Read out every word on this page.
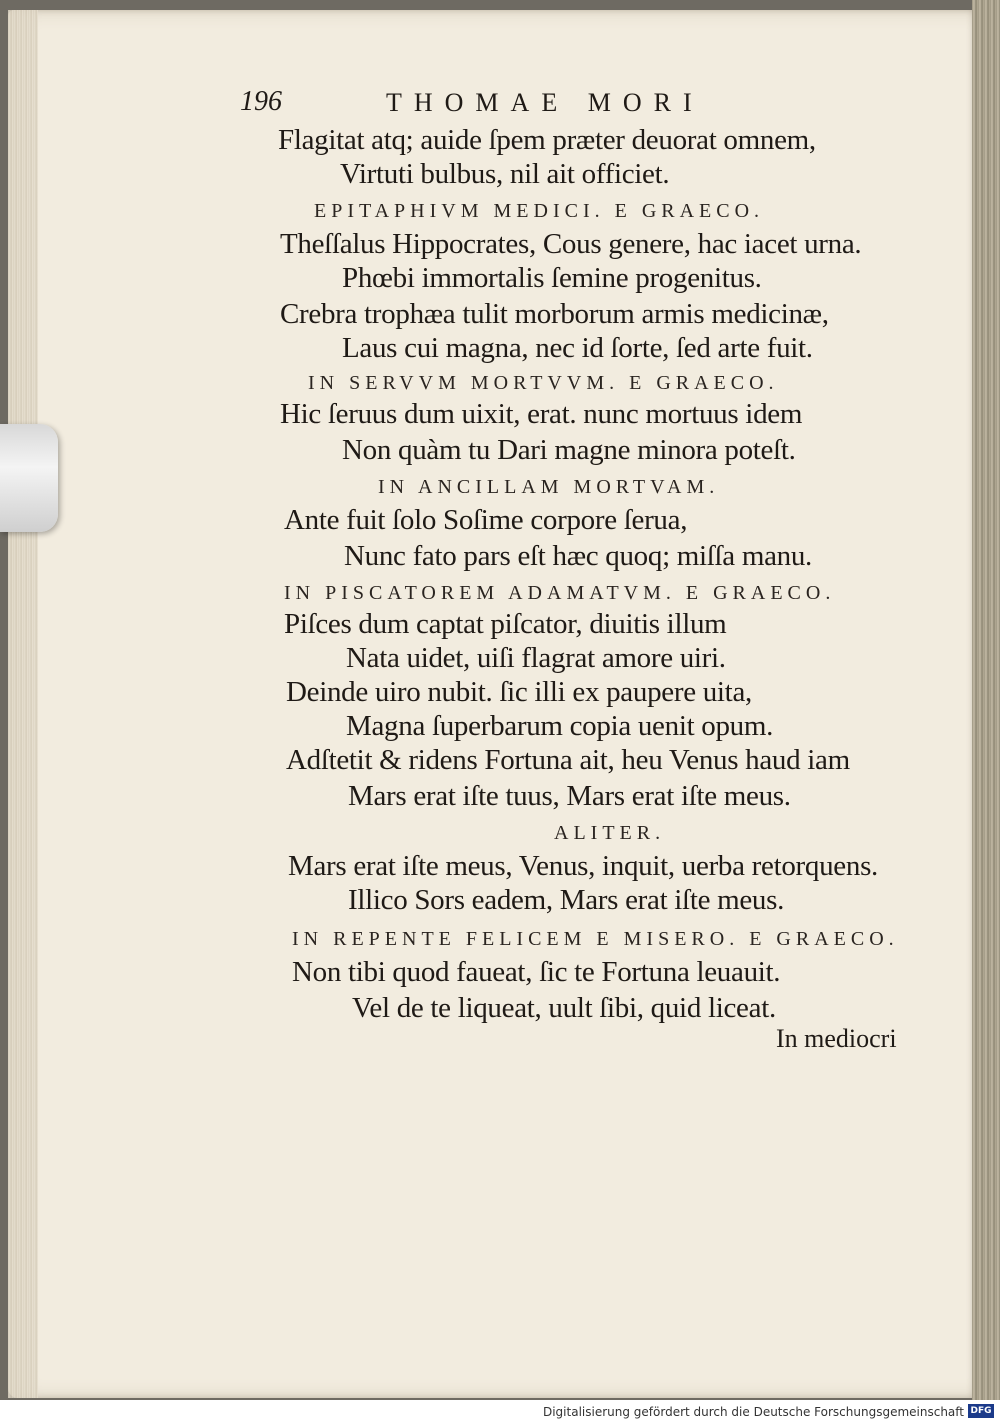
196	THOMAE MORI
Flagitat atq; auide ſpem præter deuorat omnem,
Virtuti bulbus, nil ait officiet.
EPITAPHIVM MEDICI. E GRAECO.
Theſſalus Hippocrates, Cous genere, hac iacet urna.
Phœbi immortalis ſemine progenitus.
Crebra trophæa tulit morborum armis medicinæ,
Laus cui magna, nec id ſorte, ſed arte fuit.
IN SERVVM MORTVVM. E GRAECO.
Hic ſeruus dum uixit, erat. nunc mortuus idem
Non quàm tu Dari magne minora poteſt.
IN ANCILLAM MORTVAM.
Ante fuit ſolo Soſime corpore ſerua,
Nunc fato pars eſt hæc quoq; miſſa manu.
IN PISCATOREM ADAMATVM. E GRAECO.
Piſces dum captat piſcator, diuitis illum
Nata uidet, uiſi flagrat amore uiri.
Deinde uiro nubit. ſic illi ex paupere uita,
Magna ſuperbarum copia uenit opum.
Adſtetit & ridens Fortuna ait, heu Venus haud iam
Mars erat iſte tuus, Mars erat iſte meus.
ALITER.
Mars erat iſte meus, Venus, inquit, uerba retorquens.
Illico Sors eadem, Mars erat iſte meus.
IN REPENTE FELICEM E MISERO. E GRAECO.
Non tibi quod faueat, ſic te Fortuna leuauit.
Vel de te liqueat, uult ſibi, quid liceat.
In mediocri
Digitalisierung gefördert durch die Deutsche Forschungsgemeinschaft DFG
